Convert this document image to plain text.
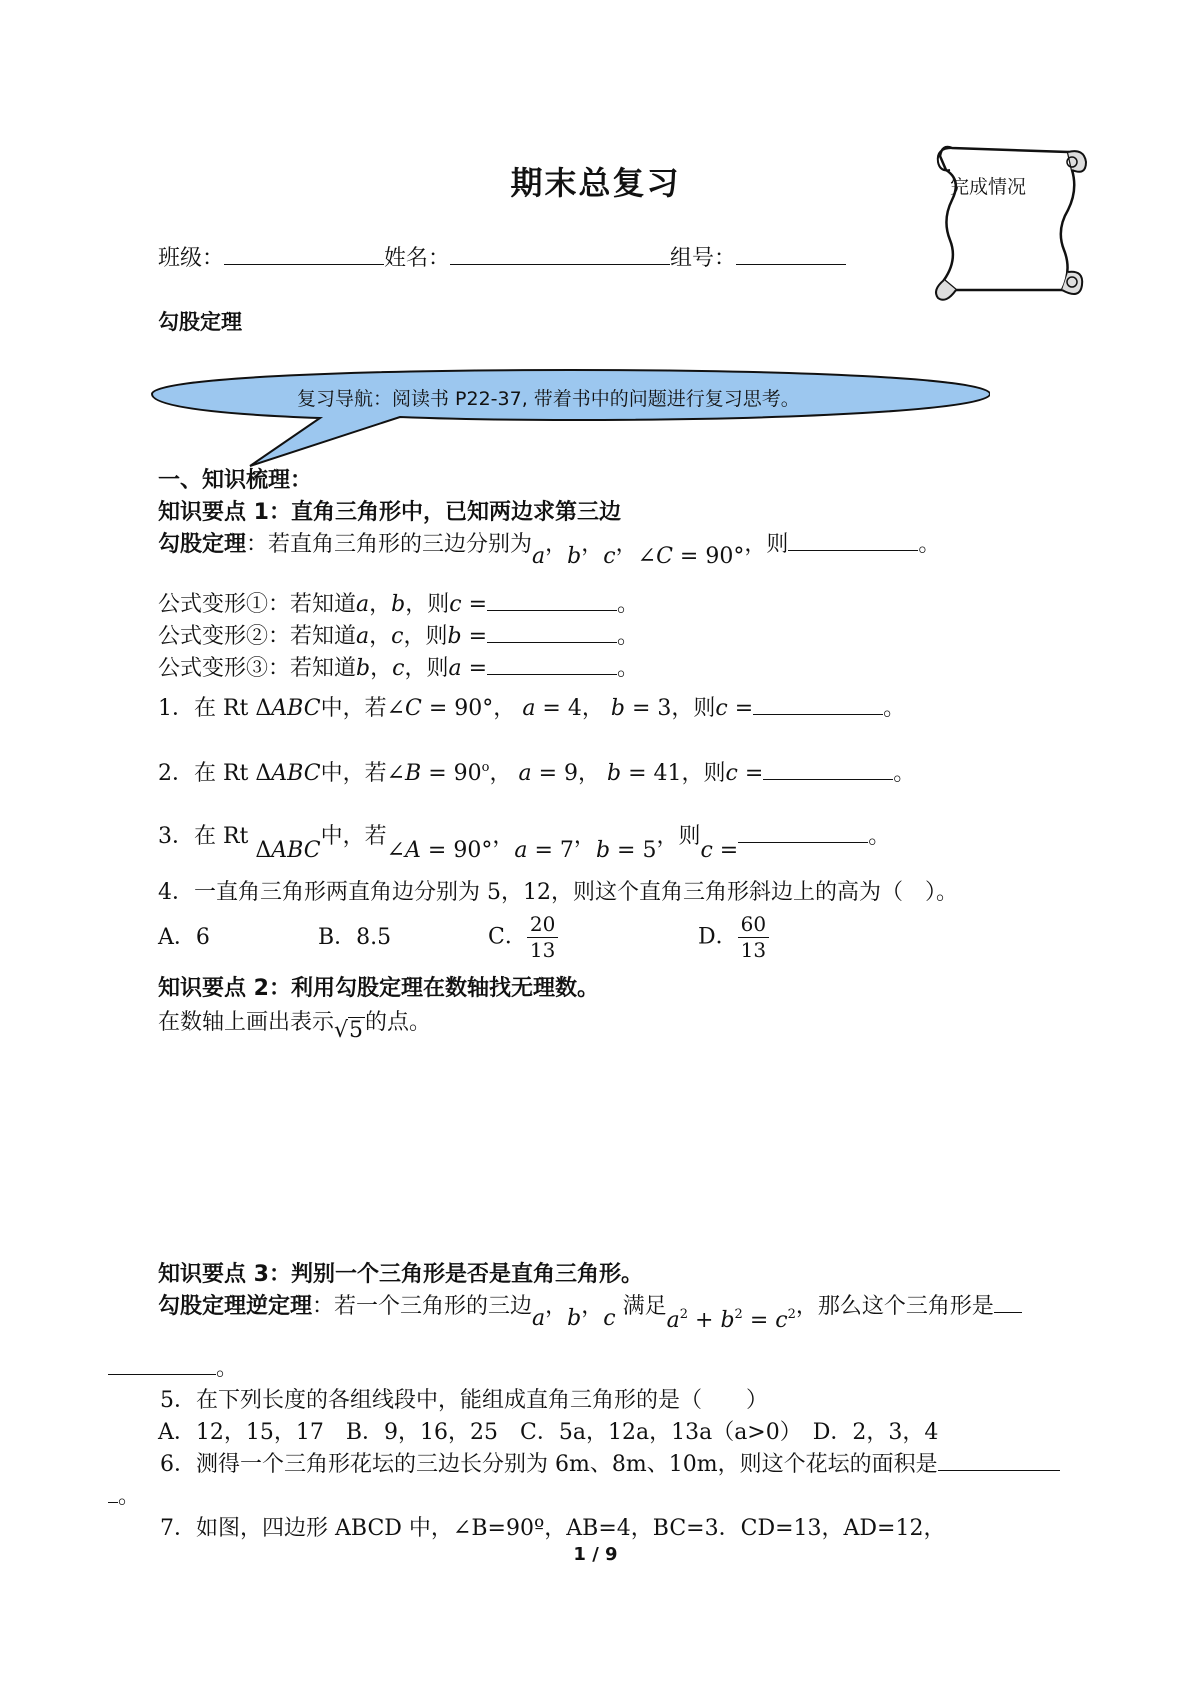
期末总复习	完成情况
班级：	姓名：	组号：
勾股定理
复习导航：阅读书 P22-37, 带着书中的问题进行复习思考。
一、知识梳理：
知识要点 1：直角三角形中，已知两边求第三边
勾股定理：若直角三角形的三边分别为a，b，c，∠C = 90°，则	。
公式变形①：若知道a，b，则c =	。
公式变形②：若知道a，c，则b =	。
公式变形③：若知道b，c，则a =	。
1．在 Rt ΔABC中，若∠C = 90°， a = 4， b = 3，则c =	。
2．在 Rt ΔABC中，若∠B = $90^o$， a = 9， b = 41，则c =	。
3．在 Rt ΔABC中，若∠A = 90°，a = 7，b = 5，则c =。
4．一直角三角形两直角边分别为 5，12，则这个直角三角形斜边上的高为（　）。
A．6	B．8.5	C． $\frac{20}{13}$	D． $\frac{60}{13}$
知识要点 2：利用勾股定理在数轴找无理数。
在数轴上画出表示√5的点。
知识要点 3：判别一个三角形是否是直角三角形。
勾股定理逆定理：若一个三角形的三边a，b，c 满足$a^2 + b^2 = c^2$，那么这个三角形是
。
5．在下列长度的各组线段中，能组成直角三角形的是（　　）
A．12，15，17　B．9，16，25　C．5a，12a，13a（a>0）　D．2，3，4
6．测得一个三角形花坛的三边长分别为 6m、8m、10m，则这个花坛的面积是
。
7．如图，四边形 ABCD 中，∠B=90º，AB=4，BC=3．CD=13，AD=12，
1 / 9
